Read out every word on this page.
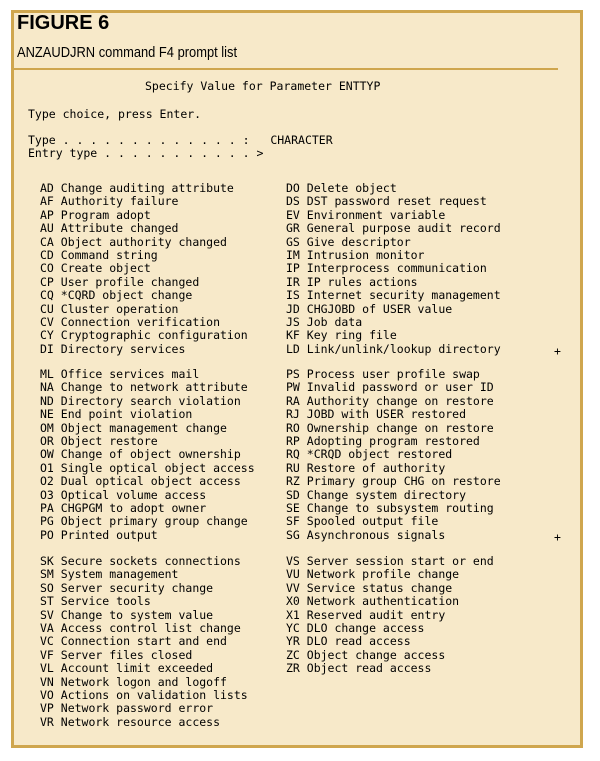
FIGURE 6
ANZAUDJRN command F4 prompt list
Specify Value for Parameter ENTTYP
Type choice, press Enter.
Type . . . . . . . . . . . . . :   CHARACTER
Entry type . . . . . . . . . . . >
AD Change auditing attribute
AF Authority failure
AP Program adopt
AU Attribute changed
CA Object authority changed
CD Command string
CO Create object
CP User profile changed
CQ *CQRD object change
CU Cluster operation
CV Connection verification
CY Cryptographic configuration
DI Directory services
DO Delete object
DS DST password reset request
EV Environment variable
GR General purpose audit record
GS Give descriptor
IM Intrusion monitor
IP Interprocess communication
IR IP rules actions
IS Internet security management
JD CHGJOBD of USER value
JS Job data
KF Key ring file
LD Link/unlink/lookup directory	+
ML Office services mail
NA Change to network attribute
ND Directory search violation
NE End point violation
OM Object management change
OR Object restore
OW Change of object ownership
O1 Single optical object access
O2 Dual optical object access
O3 Optical volume access
PA CHGPGM to adopt owner
PG Object primary group change
PO Printed output
PS Process user profile swap
PW Invalid password or user ID
RA Authority change on restore
RJ JOBD with USER restored
RO Ownership change on restore
RP Adopting program restored
RQ *CRQD object restored
RU Restore of authority
RZ Primary group CHG on restore
SD Change system directory
SE Change to subsystem routing
SF Spooled output file
SG Asynchronous signals	+
SK Secure sockets connections
SM System management
SO Server security change
ST Service tools
SV Change to system value
VA Access control list change
VC Connection start and end
VF Server files closed
VL Account limit exceeded
VN Network logon and logoff
VO Actions on validation lists
VP Network password error
VR Network resource access
VS Server session start or end
VU Network profile change
VV Service status change
X0 Network authentication
X1 Reserved audit entry
YC DLO change access
YR DLO read access
ZC Object change access
ZR Object read access
